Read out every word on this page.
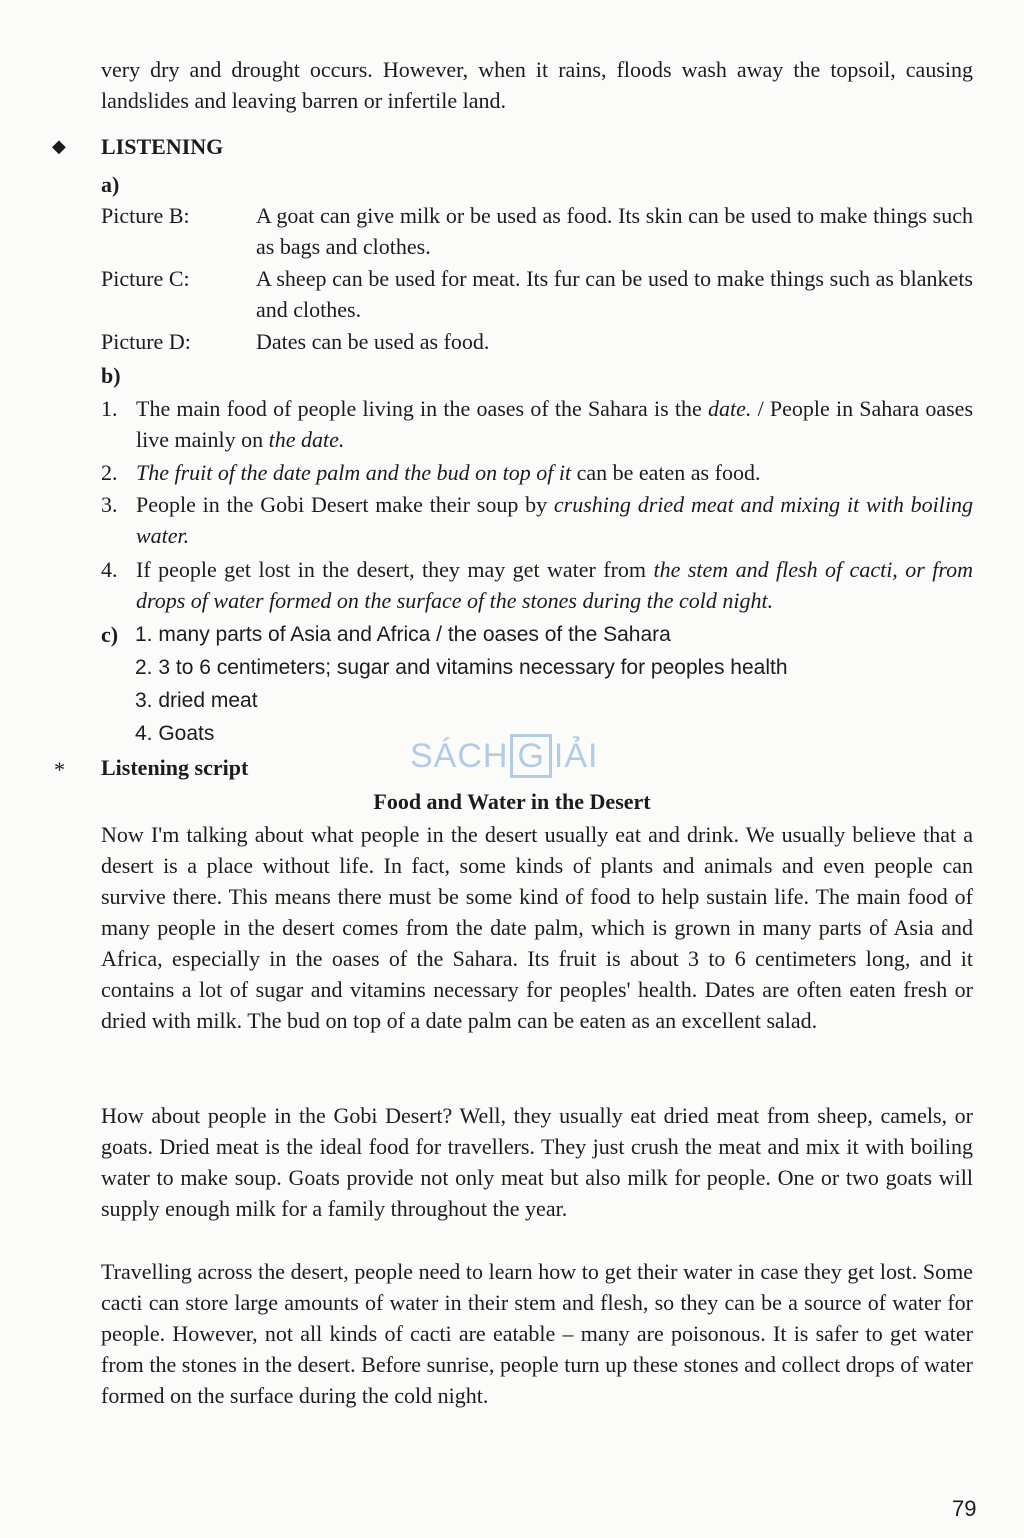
very dry and drought occurs. However, when it rains, floods wash away the topsoil, causing landslides and leaving barren or infertile land.

◆ LISTENING

a)

Picture B:	A goat can give milk or be used as food. Its skin can be used to make things such as bags and clothes.

Picture C:	A sheep can be used for meat. Its fur can be used to make things such as blankets and clothes.

Picture D:	Dates can be used as food.

b)

1. The main food of people living in the oases of the Sahara is the date. / People in Sahara oases live mainly on the date.

2. The fruit of the date palm and the bud on top of it can be eaten as food.

3. People in the Gobi Desert make their soup by crushing dried meat and mixing it with boiling water.

4. If people get lost in the desert, they may get water from the stem and flesh of cacti, or from drops of water formed on the surface of the stones during the cold night.

c) 1. many parts of Asia and Africa / the oases of the Sahara

2. 3 to 6 centimeters; sugar and vitamins necessary for peoples health

3. dried meat

4. Goats

SÁCH G IẢI
* Listening script

Food and Water in the Desert

Now I'm talking about what people in the desert usually eat and drink. We usually believe that a desert is a place without life. In fact, some kinds of plants and animals and even people can survive there. This means there must be some kind of food to help sustain life. The main food of many people in the desert comes from the date palm, which is grown in many parts of Asia and Africa, especially in the oases of the Sahara. Its fruit is about 3 to 6 centimeters long, and it contains a lot of sugar and vitamins necessary for peoples' health. Dates are often eaten fresh or dried with milk. The bud on top of a date palm can be eaten as an excellent salad.

How about people in the Gobi Desert? Well, they usually eat dried meat from sheep, camels, or goats. Dried meat is the ideal food for travellers. They just crush the meat and mix it with boiling water to make soup. Goats provide not only meat but also milk for people. One or two goats will supply enough milk for a family throughout the year.

Travelling across the desert, people need to learn how to get their water in case they get lost. Some cacti can store large amounts of water in their stem and flesh, so they can be a source of water for people. However, not all kinds of cacti are eatable – many are poisonous. It is safer to get water from the stones in the desert. Before sunrise, people turn up these stones and collect drops of water formed on the surface during the cold night.

79
